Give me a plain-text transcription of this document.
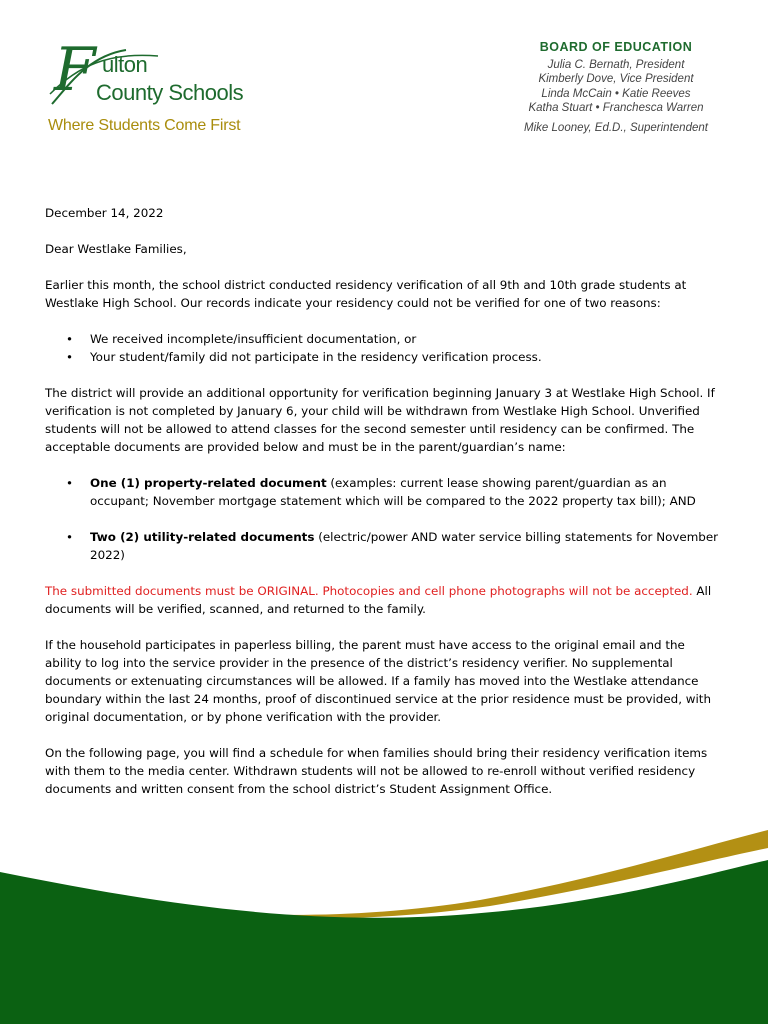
F ulton
County Schools
Where Students Come First
BOARD OF EDUCATION
Julia C. Bernath, President
Kimberly Dove, Vice President
Linda McCain • Katie Reeves
Katha Stuart • Franchesca Warren
Mike Looney, Ed.D., Superintendent

December 14, 2022

Dear Westlake Families,

Earlier this month, the school district conducted residency verification of all 9th and 10th grade students at Westlake High School. Our records indicate your residency could not be verified for one of two reasons:

• We received incomplete/insufficient documentation, or
• Your student/family did not participate in the residency verification process.

The district will provide an additional opportunity for verification beginning January 3 at Westlake High School. If verification is not completed by January 6, your child will be withdrawn from Westlake High School. Unverified students will not be allowed to attend classes for the second semester until residency can be confirmed. The acceptable documents are provided below and must be in the parent/guardian’s name:

• One (1) property-related document (examples: current lease showing parent/guardian as an occupant; November mortgage statement which will be compared to the 2022 property tax bill); AND
• Two (2) utility-related documents (electric/power AND water service billing statements for November 2022)

The submitted documents must be ORIGINAL. Photocopies and cell phone photographs will not be accepted. All documents will be verified, scanned, and returned to the family.

If the household participates in paperless billing, the parent must have access to the original email and the ability to log into the service provider in the presence of the district’s residency verifier. No supplemental documents or extenuating circumstances will be allowed. If a family has moved into the Westlake attendance boundary within the last 24 months, proof of discontinued service at the prior residence must be provided, with original documentation, or by phone verification with the provider.

On the following page, you will find a schedule for when families should bring their residency verification items with them to the media center. Withdrawn students will not be allowed to re-enroll without verified residency documents and written consent from the school district’s Student Assignment Office.
